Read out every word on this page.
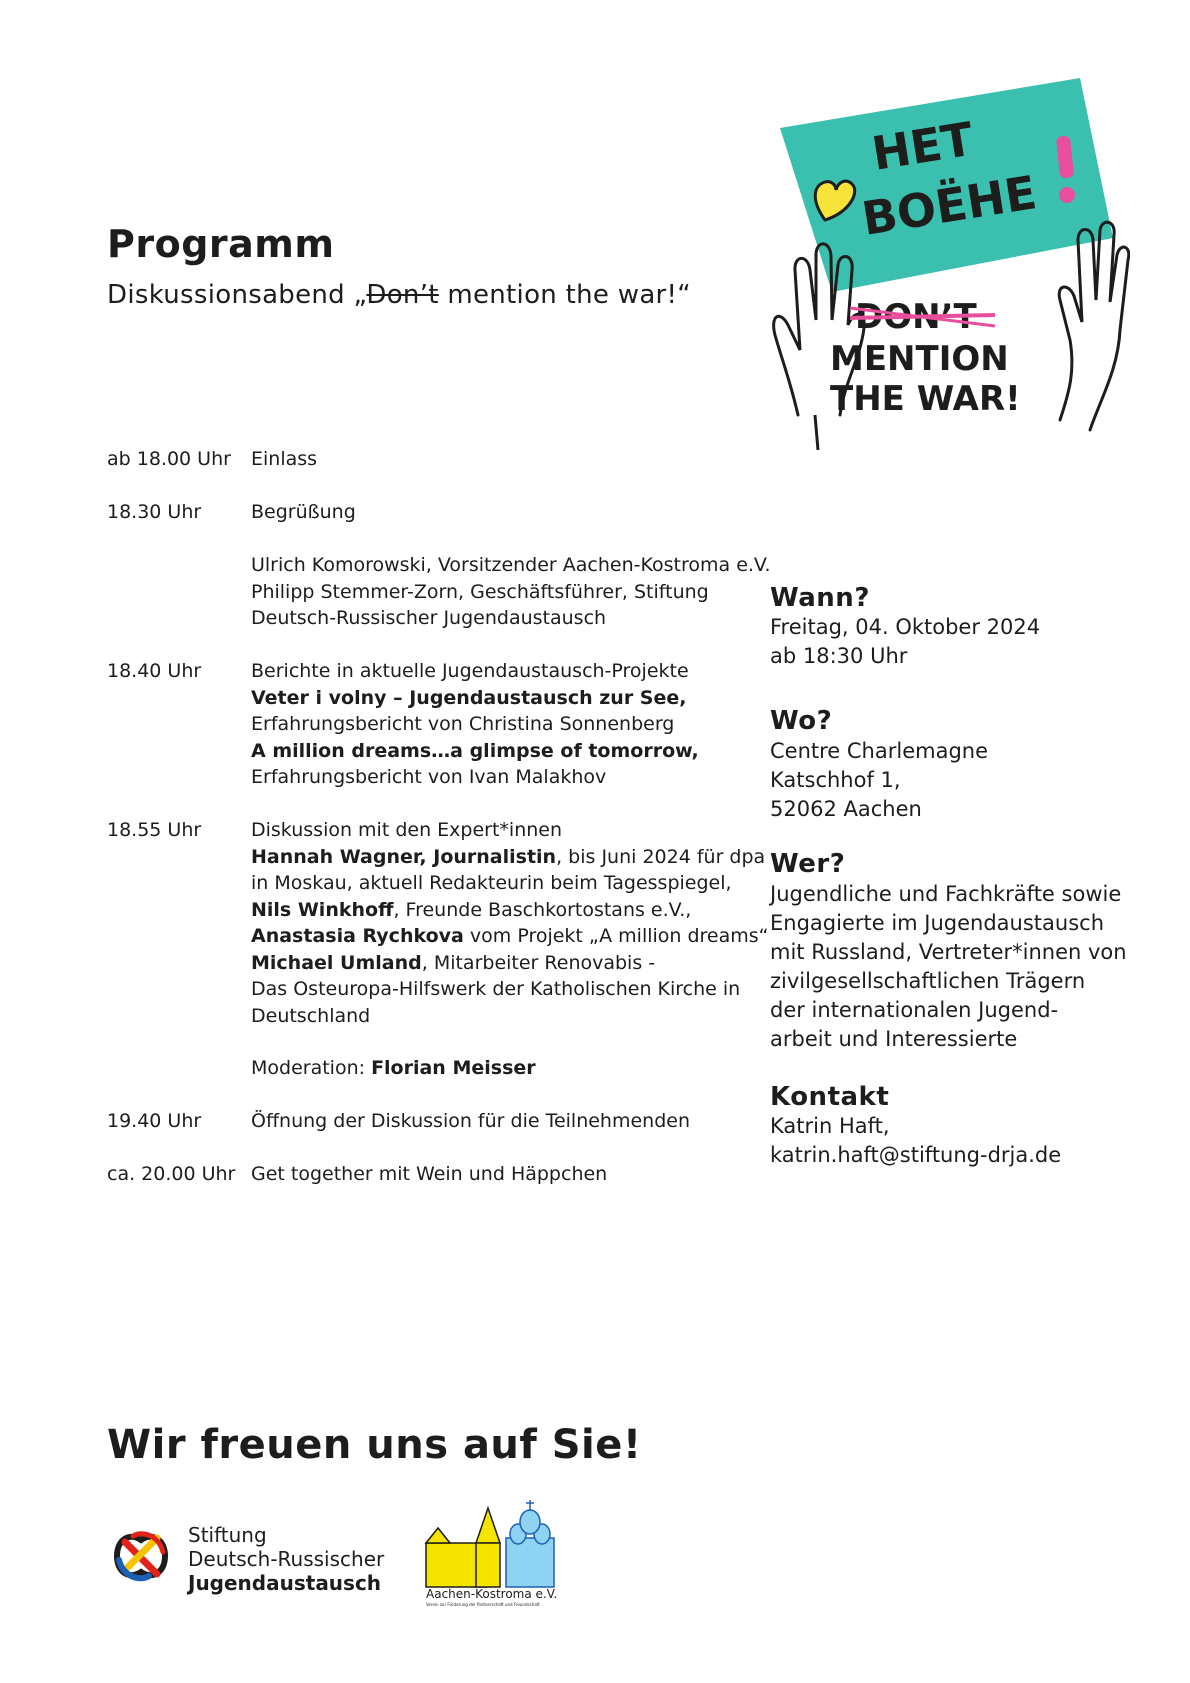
Programm
Diskussionsabend „Don’t mention the war!“
HET
BOËHE
MENTION
THE WAR!
ab 18.00 Uhr	Einlass
18.30 Uhr	Begrüßung
Ulrich Komorowski, Vorsitzender Aachen-Kostroma e.V.
Philipp Stemmer-Zorn, Geschäftsführer, Stiftung
Deutsch-Russischer Jugendaustausch
18.40 Uhr	Berichte in aktuelle Jugendaustausch-Projekte
Veter i volny – Jugendaustausch zur See,
Erfahrungsbericht von Christina Sonnenberg
A million dreams…a glimpse of tomorrow,
Erfahrungsbericht von Ivan Malakhov
18.55 Uhr	Diskussion mit den Expert*innen
Hannah Wagner, Journalistin, bis Juni 2024 für dpa
in Moskau, aktuell Redakteurin beim Tagesspiegel,
Nils Winkhoff, Freunde Baschkortostans e.V.,
Anastasia Rychkova vom Projekt „A million dreams“
Michael Umland, Mitarbeiter Renovabis -
Das Osteuropa-Hilfswerk der Katholischen Kirche in
Deutschland
Moderation: Florian Meisser
19.40 Uhr	Öffnung der Diskussion für die Teilnehmenden
ca. 20.00 Uhr Get together mit Wein und Häppchen
Wann?
Freitag, 04. Oktober 2024
ab 18:30 Uhr
Wo?
Centre Charlemagne
Katschhof 1,
52062 Aachen
Wer?
Jugendliche und Fachkräfte sowie
Engagierte im Jugendaustausch
mit Russland, Vertreter*innen von
zivilgesellschaftlichen Trägern
der internationalen Jugend-
arbeit und Interessierte
Kontakt
Katrin Haft,
katrin.haft@stiftung-drja.de
Wir freuen uns auf Sie!
Stiftung
Deutsch-Russischer
Jugendaustausch	Aachen-Kostroma e.V.
Verein zur Förderung der Partnerschaft und Freundschaft
